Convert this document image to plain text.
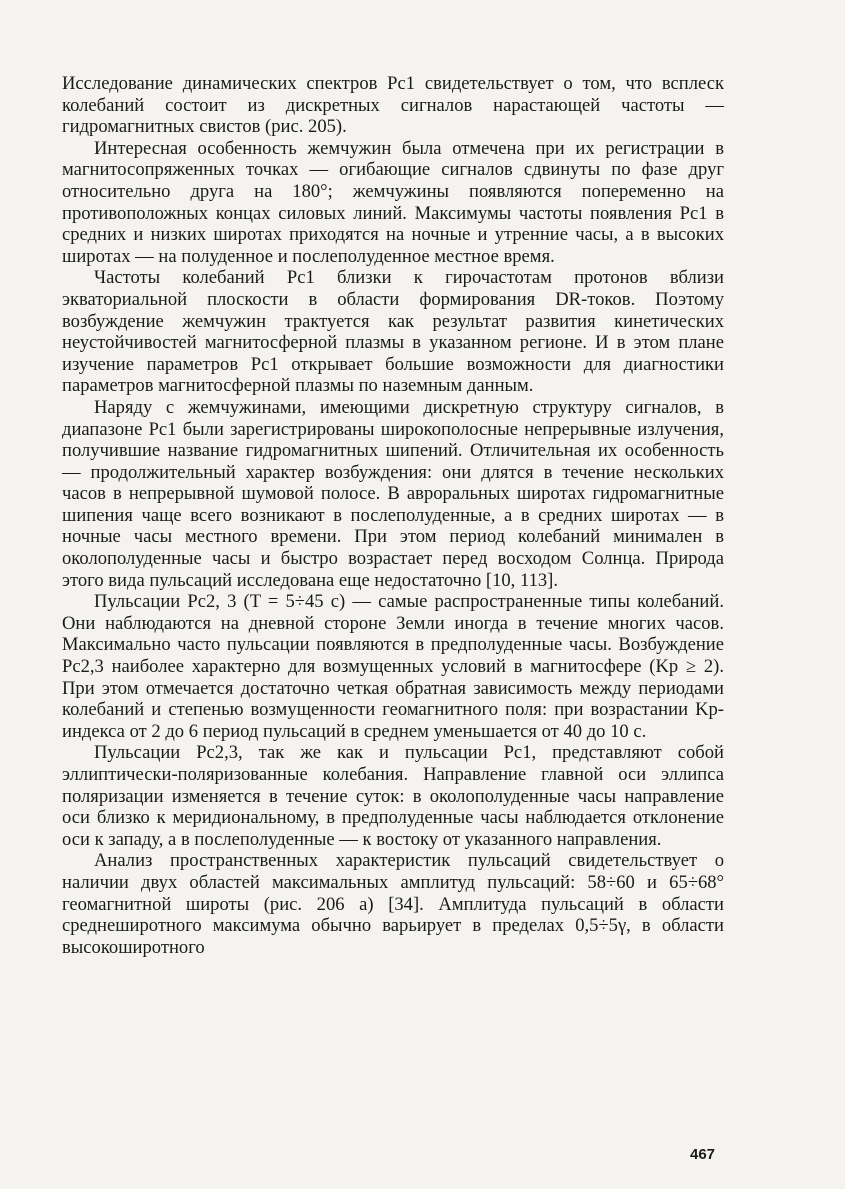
Исследование динамических спектров Pc1 свидетельствует о том, что всплеск колебаний состоит из дискретных сигналов нарастающей частоты — гидромагнитных свистов (рис. 205).

Интересная особенность жемчужин была отмечена при их регистрации в магнитосопряженных точках — огибающие сигналов сдвинуты по фазе друг относительно друга на 180°; жемчужины появляются попеременно на противоположных концах силовых линий. Максимумы частоты появления Pc1 в средних и низких широтах приходятся на ночные и утренние часы, а в высоких широтах — на полуденное и послеполуденное местное время.

Частоты колебаний Pc1 близки к гирочастотам протонов вблизи экваториальной плоскости в области формирования DR-токов. Поэтому возбуждение жемчужин трактуется как результат развития кинетических неустойчивостей магнитосферной плазмы в указанном регионе. И в этом плане изучение параметров Pc1 открывает большие возможности для диагностики параметров магнитосферной плазмы по наземным данным.

Наряду с жемчужинами, имеющими дискретную структуру сигналов, в диапазоне Pc1 были зарегистрированы широкополосные непрерывные излучения, получившие название гидромагнитных шипений. Отличительная их особенность — продолжительный характер возбуждения: они длятся в течение нескольких часов в непрерывной шумовой полосе. В авроральных широтах гидромагнитные шипения чаще всего возникают в послеполуденные, а в средних широтах — в ночные часы местного времени. При этом период колебаний минимален в околополуденные часы и быстро возрастает перед восходом Солнца. Природа этого вида пульсаций исследована еще недостаточно [10, 113].

Пульсации Pc2, 3 (T = 5÷45 с) — самые распространенные типы колебаний. Они наблюдаются на дневной стороне Земли иногда в течение многих часов. Максимально часто пульсации появляются в предполуденные часы. Возбуждение Pc2,3 наиболее характерно для возмущенных условий в магнитосфере (Kp ≥ 2). При этом отмечается достаточно четкая обратная зависимость между периодами колебаний и степенью возмущенности геомагнитного поля: при возрастании Kp-индекса от 2 до 6 период пульсаций в среднем уменьшается от 40 до 10 с.

Пульсации Pc2,3, так же как и пульсации Pc1, представляют собой эллиптически-поляризованные колебания. Направление главной оси эллипса поляризации изменяется в течение суток: в околополуденные часы направление оси близко к меридиональному, в предполуденные часы наблюдается отклонение оси к западу, а в послеполуденные — к востоку от указанного направления.

Анализ пространственных характеристик пульсаций свидетельствует о наличии двух областей максимальных амплитуд пульсаций: 58÷60 и 65÷68° геомагнитной широты (рис. 206 а) [34]. Амплитуда пульсаций в области среднеширотного максимума обычно варьирует в пределах 0,5÷5γ, в области высокоширотного

467
